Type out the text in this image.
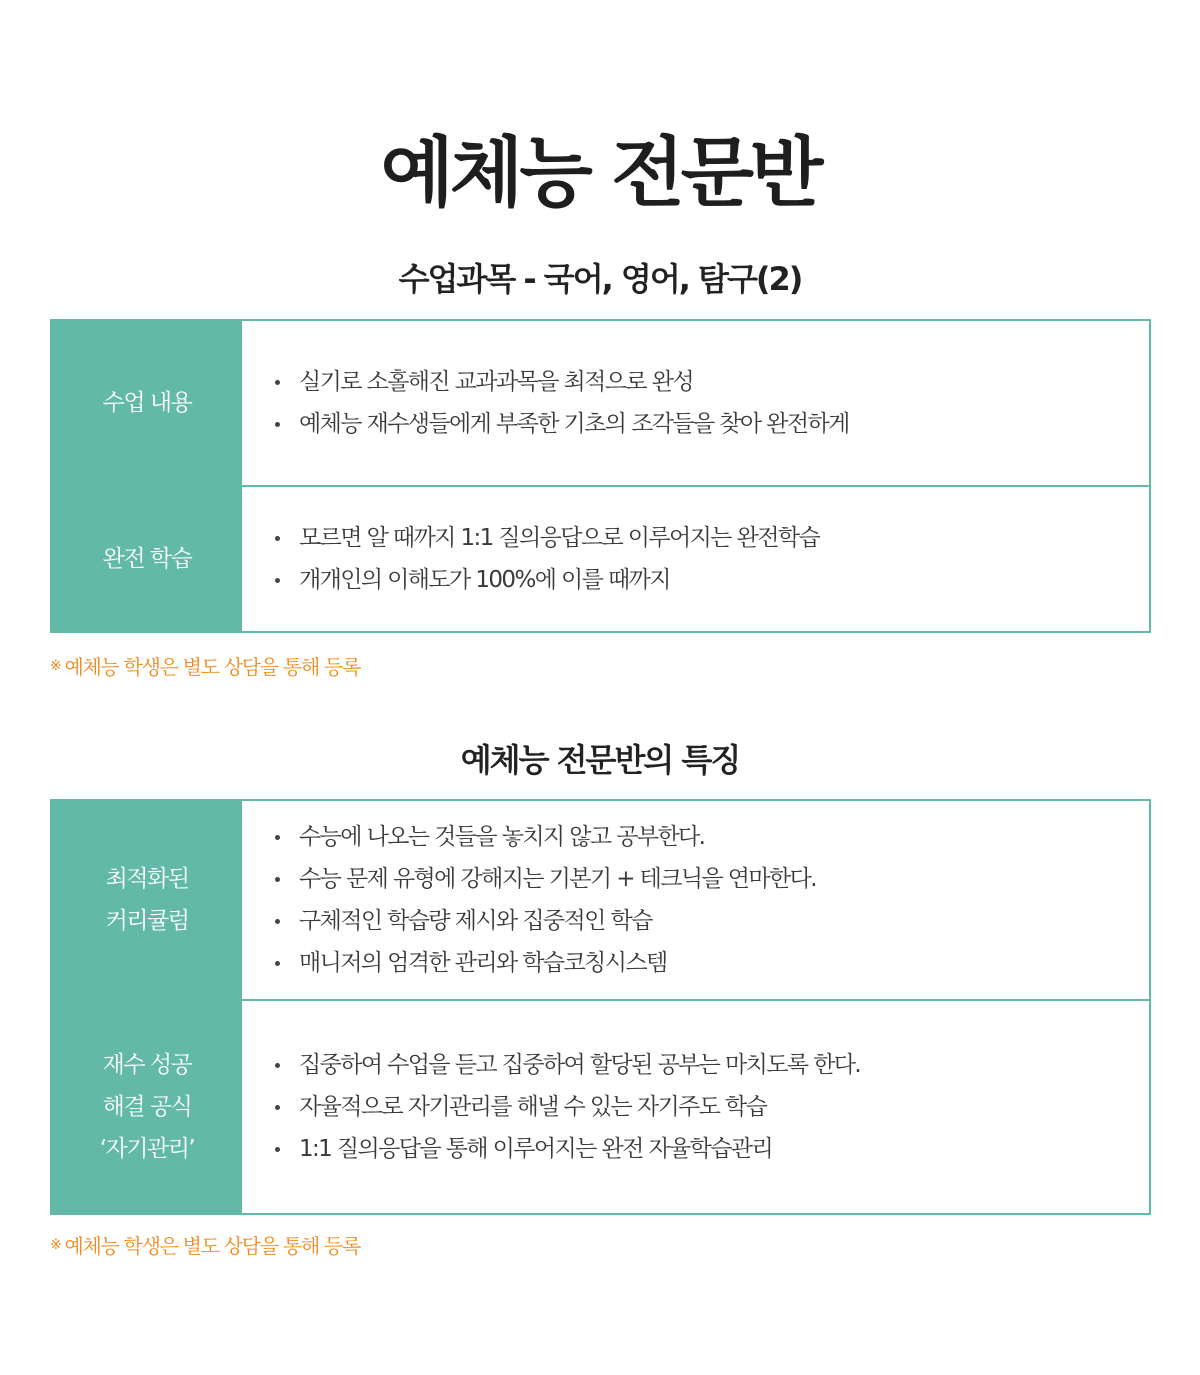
예체능 전문반
수업과목 - 국어, 영어, 탐구(2)
수업 내용
실기로 소홀해진 교과과목을 최적으로 완성
예체능 재수생들에게 부족한 기초의 조각들을 찾아 완전하게
완전 학습
모르면 알 때까지 1:1 질의응답으로 이루어지는 완전학습
개개인의 이해도가 100%에 이를 때까지
※ 예체능 학생은 별도 상담을 통해 등록
예체능 전문반의 특징
최적화된
커리큘럼
수능에 나오는 것들을 놓치지 않고 공부한다.
수능 문제 유형에 강해지는 기본기 + 테크닉을 연마한다.
구체적인 학습량 제시와 집중적인 학습
매니저의 엄격한 관리와 학습코칭시스템
재수 성공
해결 공식
‘자기관리’
집중하여 수업을 듣고 집중하여 할당된 공부는 마치도록 한다.
자율적으로 자기관리를 해낼 수 있는 자기주도 학습
1:1 질의응답을 통해 이루어지는 완전 자율학습관리
※ 예체능 학생은 별도 상담을 통해 등록
